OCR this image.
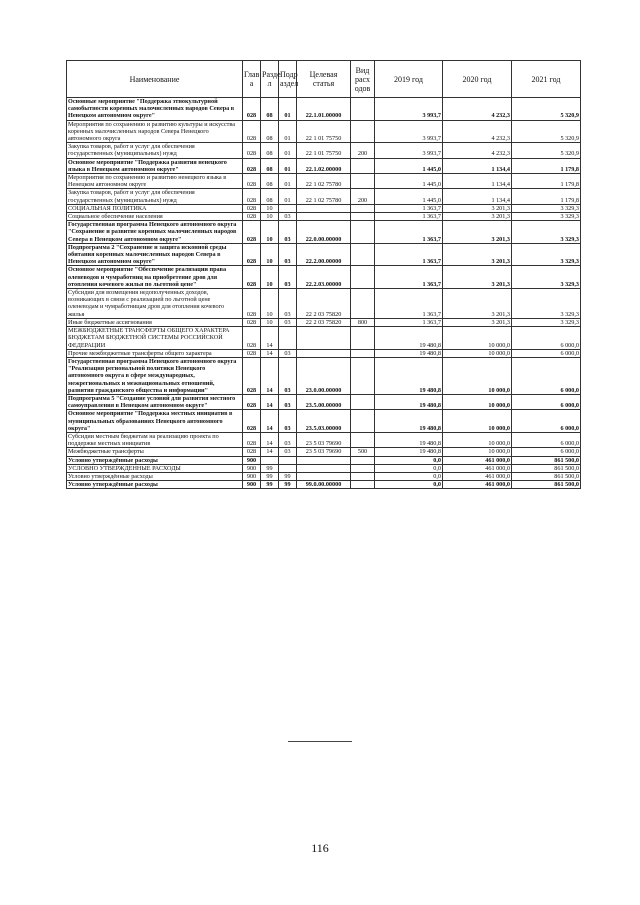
Наименование	Глав а	Разде л	Подр аздел	Целевая статья	Вид расх одов	2019 год	2020 год	2021 год
Основные мероприятие "Поддержка этнокультурной самобытности коренных малочисленных народов Севера в Ненецком автономном округе"	028	08	01	22.1.01.00000		3 993,7	4 232,3	5 320,9
Мероприятия по сохранению и развитию культуры и искусства коренных малочисленных народов Севера Ненецкого автономного округа	028	08	01	22 1 01 75750		3 993,7	4 232,3	5 320,9
Закупка товаров, работ и услуг для обеспечения государственных (муниципальных) нужд	028	08	01	22 1 01 75750	200	3 993,7	4 232,3	5 320,9
Основное мероприятие "Поддержка развития ненецкого языка в Ненецком автономном округе"	028	08	01	22.1.02.00000		1 445,0	1 134,4	1 179,8
Мероприятия по сохранению и развитию ненецкого языка в Ненецком автономном округе	028	08	01	22 1 02 75780		1 445,0	1 134,4	1 179,8
Закупка товаров, работ и услуг для обеспечения государственных (муниципальных) нужд	028	08	01	22 1 02 75780	200	1 445,0	1 134,4	1 179,8
СОЦИАЛЬНАЯ ПОЛИТИКА	028	10				1 363,7	3 201,3	3 329,3
Социальное обеспечение населения	028	10	03			1 363,7	3 201,3	3 329,3
Государственная программа Ненецкого автономного округа "Сохранение и развитие коренных малочисленных народов Севера в Ненецком автономном округе"	028	10	03	22.0.00.00000		1 363,7	3 201,3	3 329,3
Подпрограмма 2 "Сохранение и защита исконной среды обитания коренных малочисленных народов Севера в Ненецком автономном округе"	028	10	03	22.2.00.00000		1 363,7	3 201,3	3 329,3
Основное мероприятие "Обеспечение реализации права оленеводов и чумработниц на приобретение дров для отопления кочевого жилья по льготной цене"	028	10	03	22.2.03.00000		1 363,7	3 201,3	3 329,3
Субсидии для возмещения недополученных доходов, возникающих в связи с реализацией по льготной цене оленеводам и чумработницам дров для отопления кочевого жилья	028	10	03	22 2 03 75820		1 363,7	3 201,3	3 329,3
Иные бюджетные ассигнования	028	10	03	22 2 03 75820	800	1 363,7	3 201,3	3 329,3
МЕЖБЮДЖЕТНЫЕ ТРАНСФЕРТЫ ОБЩЕГО ХАРАКТЕРА БЮДЖЕТАМ БЮДЖЕТНОЙ СИСТЕМЫ РОССИЙСКОЙ ФЕДЕРАЦИИ	028	14				19 480,8	10 000,0	6 000,0
Прочие межбюджетные трансферты общего характера	028	14	03			19 480,8	10 000,0	6 000,0
Государственная программа Ненецкого автономного округа "Реализация региональной политики Ненецкого автономного округа в сфере международных, межрегиональных и межнациональных отношений, развития гражданского общества и информации"	028	14	03	23.0.00.00000		19 480,8	10 000,0	6 000,0
Подпрограмма 5 "Создание условий для развития местного самоуправления в Ненецком автономном округе"	028	14	03	23.5.00.00000		19 480,8	10 000,0	6 000,0
Основное мероприятие "Поддержка местных инициатив в муниципальных образованиях Ненецкого автономного округа"	028	14	03	23.5.03.00000		19 480,8	10 000,0	6 000,0
Субсидии местным бюджетам на реализацию проекта по поддержке местных инициатив	028	14	03	23 5 03 79690		19 480,8	10 000,0	6 000,0
Межбюджетные трансферты	028	14	03	23 5 03 79690	500	19 480,8	10 000,0	6 000,0
Условно утверждённые расходы	900					0,0	461 000,0	861 500,0
УСЛОВНО УТВЕРЖДЕННЫЕ РАСХОДЫ	900	99				0,0	461 000,0	861 500,0
Условно утверждённые расходы	900	99	99			0,0	461 000,0	861 500,0
Условно утверждённые расходы	900	99	99	99.0.00.00000		0,0	461 000,0	861 500,0
116
